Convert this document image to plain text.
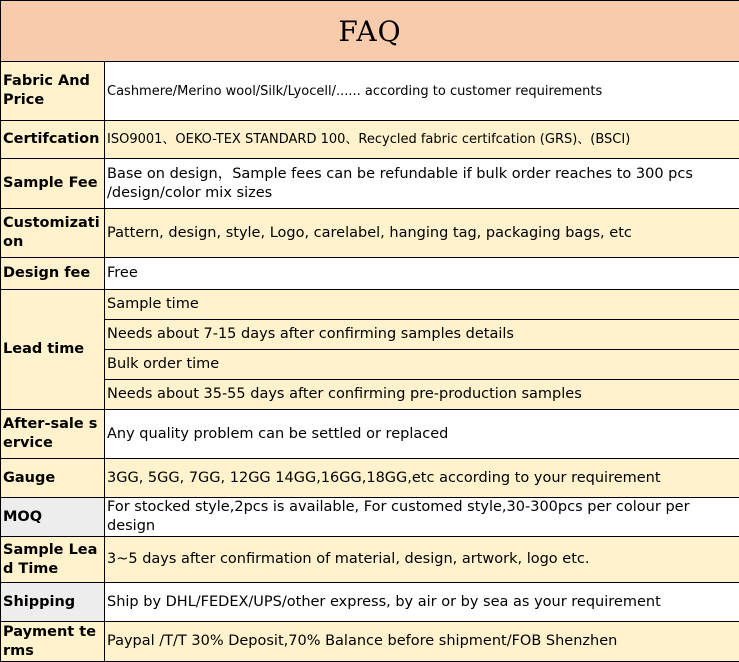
FAQ	
Fabric And Price	Cashmere/Merino wool/Silk/Lyocell/...... according to customer requirements
Certifcation	ISO9001、OEKO-TEX STANDARD 100、Recycled fabric certifcation (GRS)、(BSCI)
Sample Fee	Base on design，Sample fees can be refundable if bulk order reaches to 300 pcs /design/color mix sizes
Customization	Pattern, design, style, Logo, carelabel, hanging tag, packaging bags, etc
Design fee	Free
Lead time	Sample time
	Needs about 7-15 days after confirming samples details
	Bulk order time
	Needs about 35-55 days after confirming pre-production samples
After-sale service	Any quality problem can be settled or replaced
Gauge	3GG, 5GG, 7GG, 12GG 14GG,16GG,18GG,etc according to your requirement
MOQ	For stocked style,2pcs is available, For customed style,30-300pcs per colour per design
Sample Lead Time	3~5 days after confirmation of material, design, artwork, logo etc.
Shipping	Ship by DHL/FEDEX/UPS/other express, by air or by sea as your requirement
Payment terms	Paypal /T/T 30% Deposit,70% Balance before shipment/FOB Shenzhen
